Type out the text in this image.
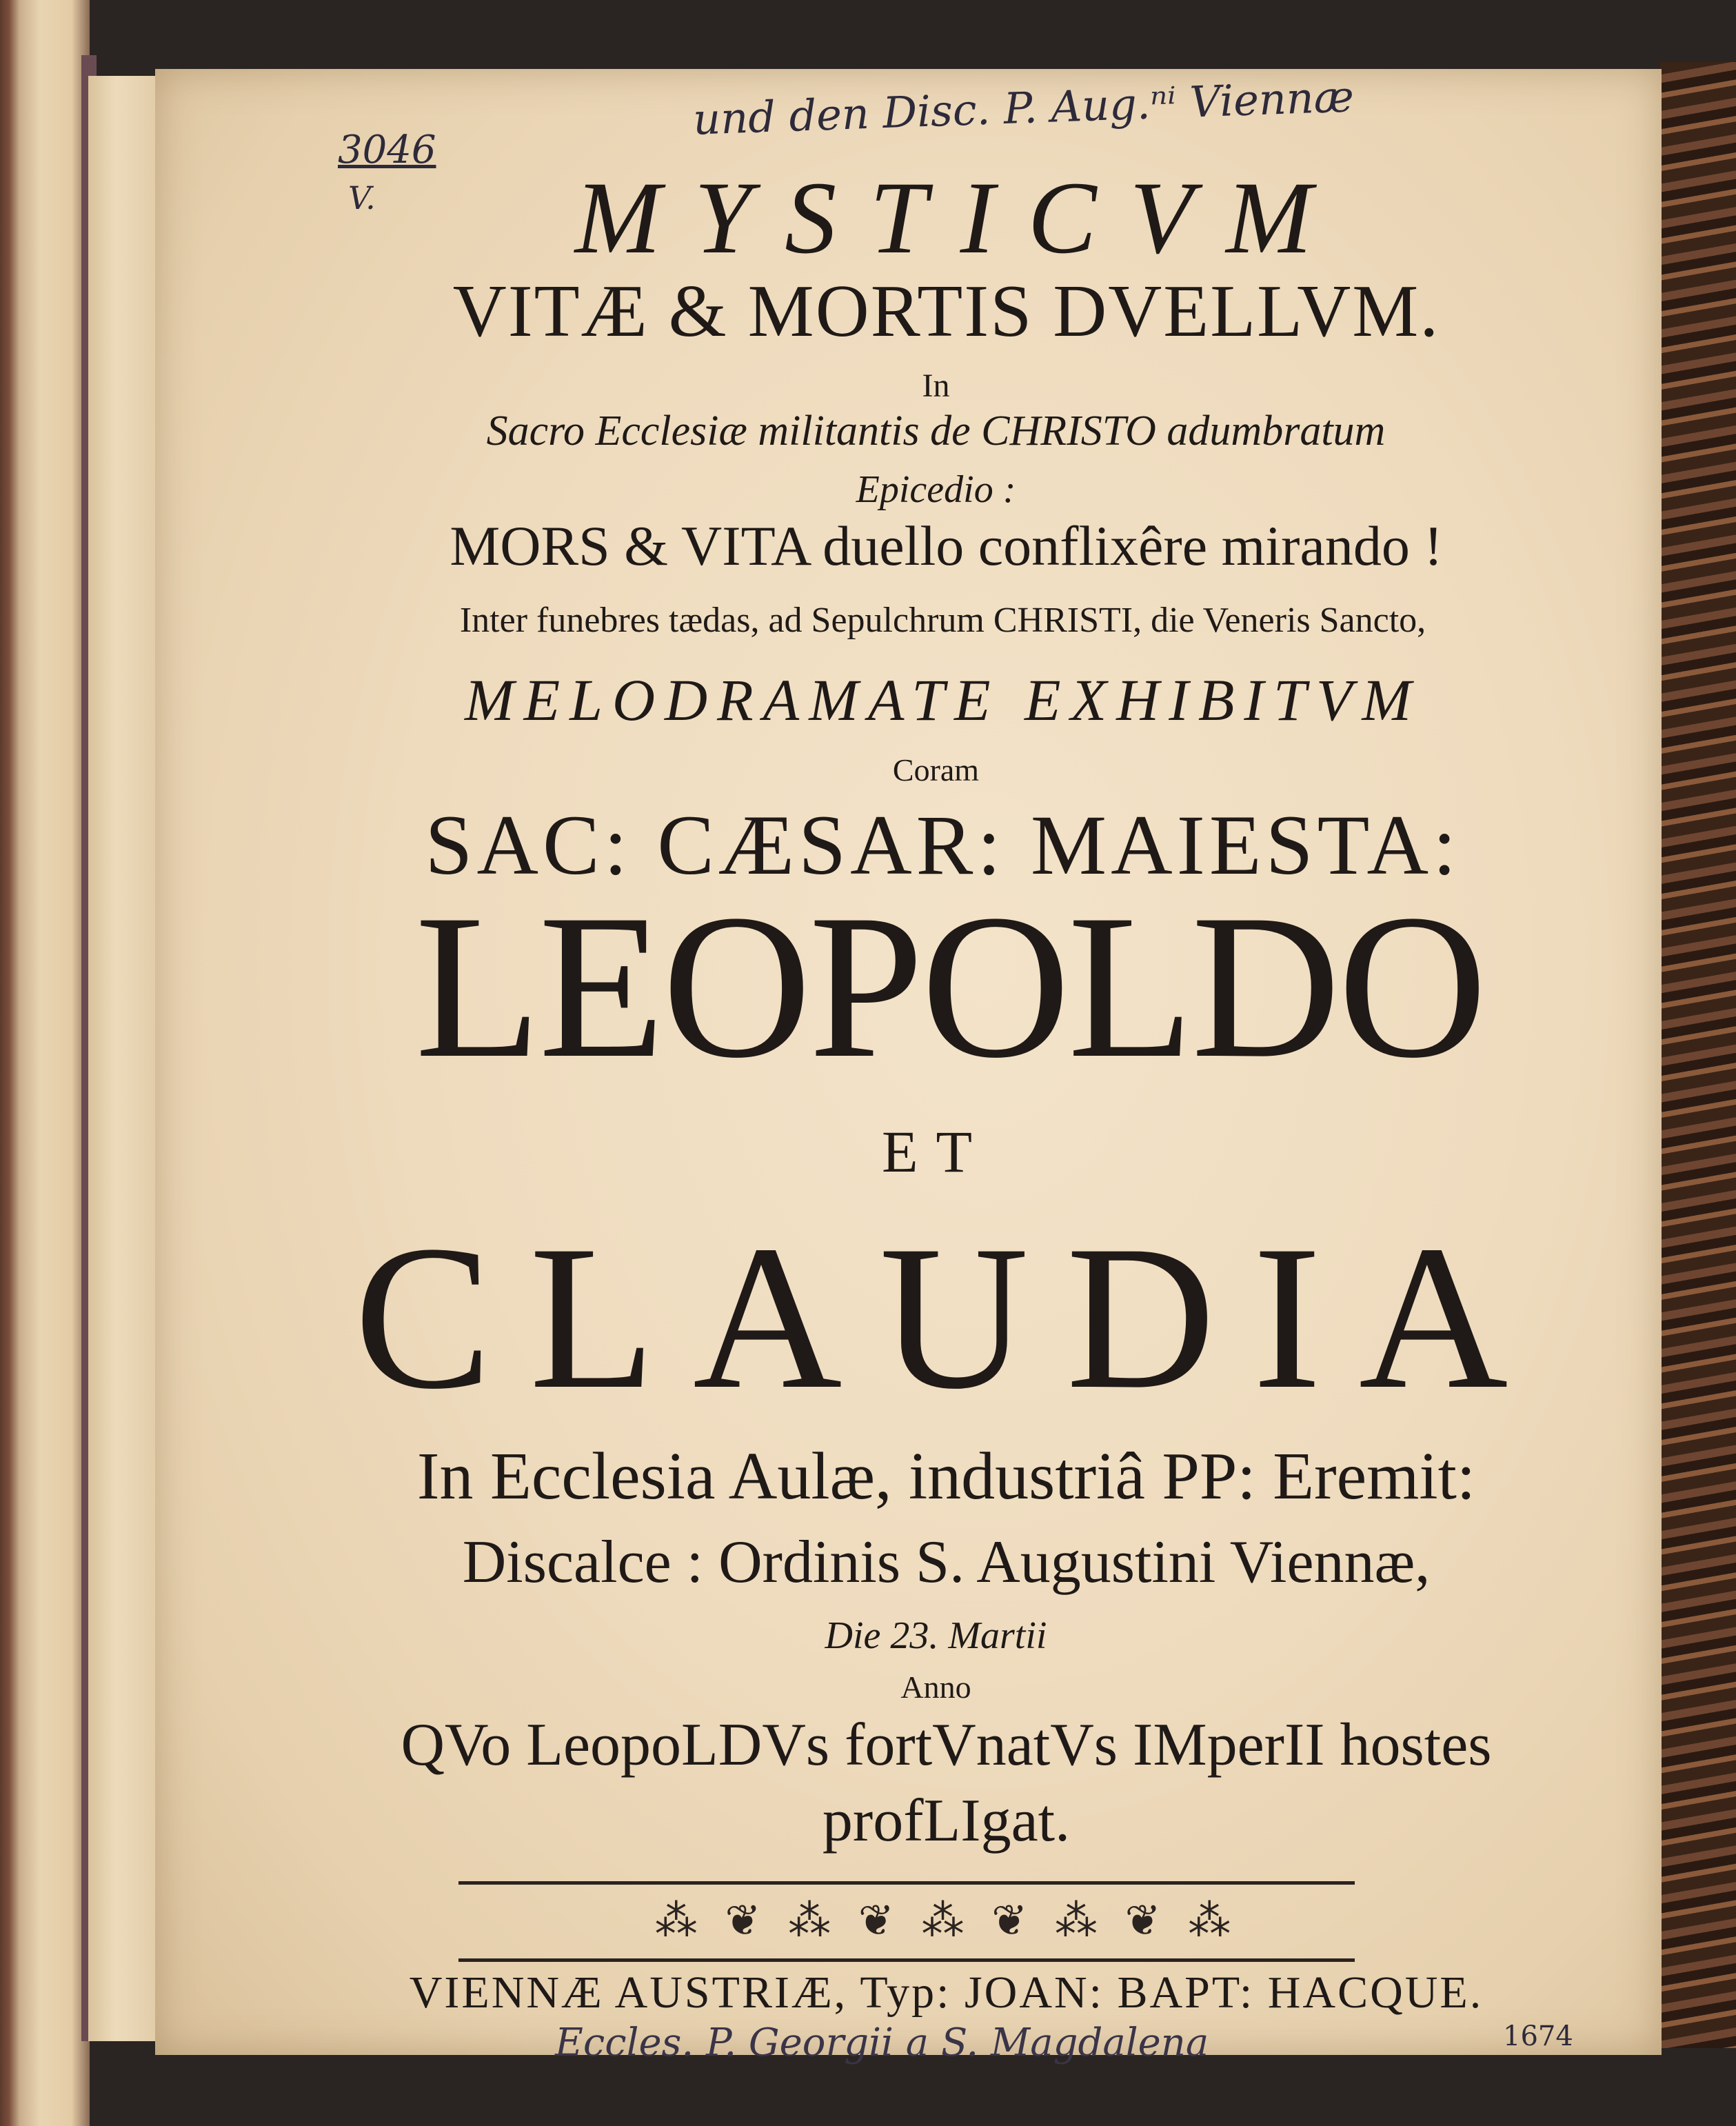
und den Disc. P. Aug.ⁿⁱ Viennæ
3046
V.	MYSTICVM
VITÆ & MORTIS DVELLVM.
In
Sacro Ecclesiæ militantis de CHRISTO adumbratum
Epicedio :
MORS & VITA duello conflixêre mirando !
Inter funebres tædas, ad Sepulchrum CHRISTI, die Veneris Sancto,
MELODRAMATE EXHIBITVM
Coram
SAC: CÆSAR: MAIESTA:
LEOPOLDO
ET
CLAUDIA
In Ecclesia Aulæ, industriâ PP: Eremit:
Discalce : Ordinis S. Augustini Viennæ,
Die 23. Martii
Anno
QVo LeopoLDVs fortVnatVs IMperII hostes
profLIgat.
⁂ ❦ ⁂ ❦ ⁂ ❦ ⁂ ❦ ⁂
VIENNÆ AUSTRIÆ, Typ: JOAN: BAPT: HACQUE.
Eccles. P. Georgii a S. Magdalena	1674
